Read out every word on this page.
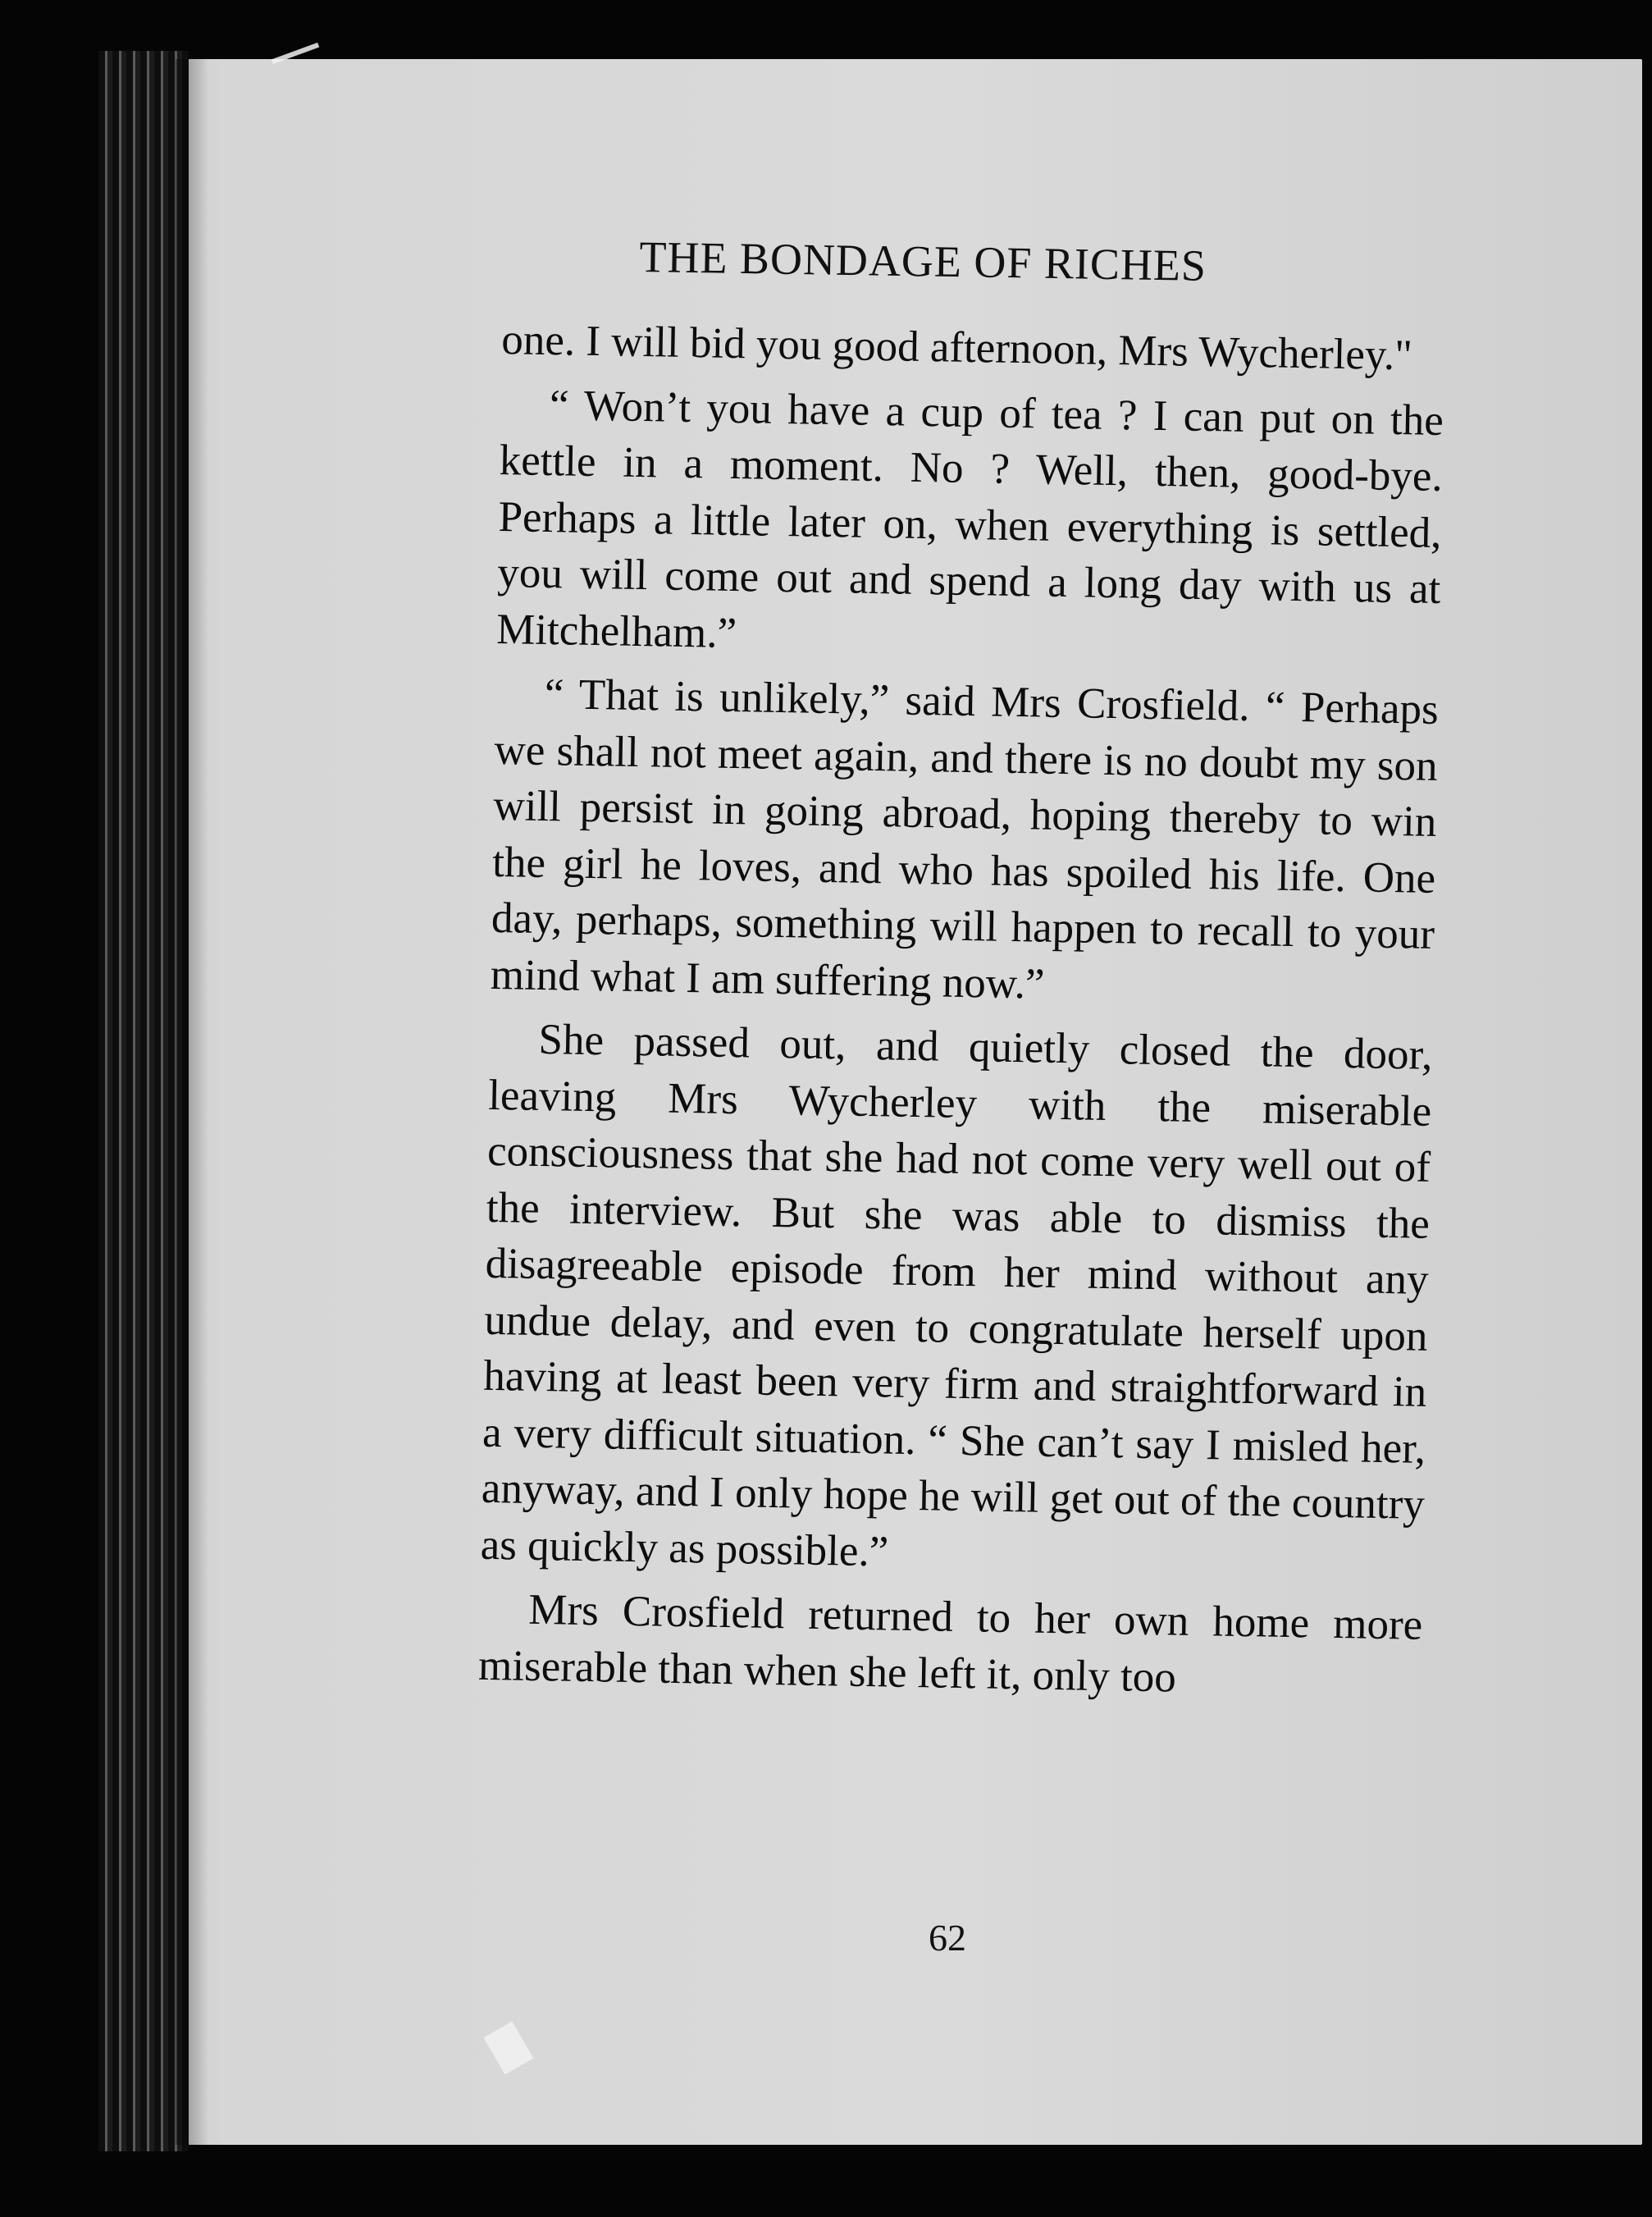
THE BONDAGE OF RICHES

one. I will bid you good afternoon, Mrs Wycherley."

“ Won’t you have a cup of tea ? I can put on the kettle in a moment. No ? Well, then, good-bye. Perhaps a little later on, when everything is settled, you will come out and spend a long day with us at Mitchelham.”

“ That is unlikely,” said Mrs Crosfield. “ Perhaps we shall not meet again, and there is no doubt my son will persist in going abroad, hoping thereby to win the girl he loves, and who has spoiled his life. One day, perhaps, something will happen to recall to your mind what I am suffering now.”

She passed out, and quietly closed the door, leaving Mrs Wycherley with the miserable consciousness that she had not come very well out of the interview. But she was able to dismiss the disagreeable episode from her mind without any undue delay, and even to congratulate herself upon having at least been very firm and straightforward in a very difficult situation. “ She can’t say I misled her, anyway, and I only hope he will get out of the country as quickly as possible.”

Mrs Crosfield returned to her own home more miserable than when she left it, only too

62
